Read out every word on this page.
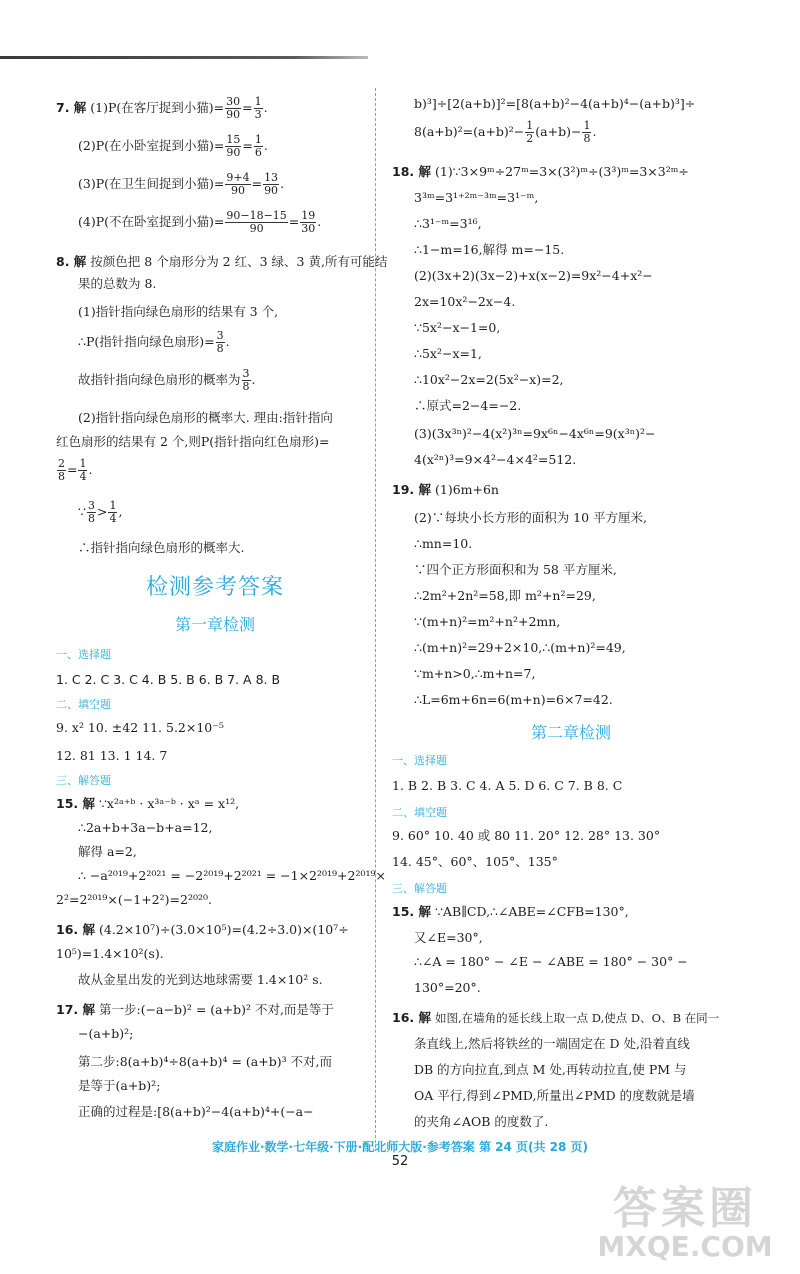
7. 解 (1)P(在客厅捉到小猫)= $\frac{30}{90} = \frac{1}{3}$ .
(2)P(在小卧室捉到小猫)= $\frac{15}{90} = \frac{1}{6}$ .
(3)P(在卫生间捉到小猫)= $\frac{9+4}{90} = \frac{13}{90}$ .
(4)P(不在卧室捉到小猫)= $\frac{90-18-15}{90} = \frac{19}{30}$ .
8. 解 按颜色把 8 个扇形分为 2 红、3 绿、3 黄,所有可能结
果的总数为 8.
(1)指针指向绿色扇形的结果有 3 个,
∴P(指针指向绿色扇形)= $\frac{3}{8}$ .
故指针指向绿色扇形的概率为 $\frac{3}{8}$ .
(2)指针指向绿色扇形的概率大. 理由:指针指向
红色扇形的结果有 2 个,则P(指针指向红色扇形)=
$\frac{2}{8} = \frac{1}{4}$ .
∵ $\frac{3}{8} > \frac{1}{4}$ ,
∴指针指向绿色扇形的概率大.
检测参考答案
第一章检测
一、选择题
1. C 2. C 3. C 4. B 5. B 6. B 7. A 8. B
二、填空题
9. x² 10. ±42 11. 5.2×10⁻⁵
12. 81 13. 1 14. 7
三、解答题
15. 解 ∵x²ᵃ⁺ᵇ · x³ᵃ⁻ᵇ · xᵃ = x¹²,
∴2a+b+3a−b+a=12,
解得 a=2,
∴ −a²⁰¹⁹+2²⁰²¹ = −2²⁰¹⁹+2²⁰²¹ = −1×2²⁰¹⁹+2²⁰¹⁹×
2²=2²⁰¹⁹×(−1+2²)=2²⁰²⁰.
16. 解 (4.2×10⁷)÷(3.0×10⁵)=(4.2÷3.0)×(10⁷÷
10⁵)=1.4×10²(s).
故从金星出发的光到达地球需要 1.4×10² s.
17. 解 第一步:(−a−b)² = (a+b)² 不对,而是等于
−(a+b)²;
第二步:8(a+b)⁴÷8(a+b)⁴ = (a+b)³ 不对,而
是等于(a+b)²;
正确的过程是:[8(a+b)²−4(a+b)⁴+(−a−
b)³]÷[2(a+b)]²=[8(a+b)²−4(a+b)⁴−(a+b)³]÷
$8(a+b)^2=(a+b)^2- \frac{1}{2} (a+b)- \frac{1}{8}$ .
18. 解 (1)∵3×9ᵐ÷27ᵐ=3×(3²)ᵐ÷(3³)ᵐ=3×3²ᵐ÷
3³ᵐ=3¹⁺²ᵐ⁻³ᵐ=3¹⁻ᵐ,
∴3¹⁻ᵐ=3¹⁶,
∴1−m=16,解得 m=−15.
(2)(3x+2)(3x−2)+x(x−2)=9x²−4+x²−
2x=10x²−2x−4.
∵5x²−x−1=0,
∴5x²−x=1,
∴10x²−2x=2(5x²−x)=2,
∴原式=2−4=−2.
(3)(3x³ⁿ)²−4(x²)³ⁿ=9x⁶ⁿ−4x⁶ⁿ=9(x³ⁿ)²−
4(x²ⁿ)³=9×4²−4×4²=512.
19. 解 (1)6m+6n
(2)∵每块小长方形的面积为 10 平方厘米,
∴mn=10.
∵四个正方形面积和为 58 平方厘米,
∴2m²+2n²=58,即 m²+n²=29,
∵(m+n)²=m²+n²+2mn,
∴(m+n)²=29+2×10,∴(m+n)²=49,
∵m+n>0,∴m+n=7,
∴L=6m+6n=6(m+n)=6×7=42.
第二章检测
一、选择题
1. B 2. B 3. C 4. A 5. D 6. C 7. B 8. C
二、填空题
9. 60° 10. 40 或 80 11. 20° 12. 28° 13. 30°
14. 45°、60°、105°、135°
三、解答题
15. 解 ∵AB∥CD,∴∠ABE=∠CFB=130°,
又∠E=30°,
∴∠A = 180° − ∠E − ∠ABE = 180° − 30° −
130°=20°.
16. 解 如图,在墙角的延长线上取一点 D,使点 D、O、B 在同一
条直线上,然后将铁丝的一端固定在 D 处,沿着直线
DB 的方向拉直,到点 M 处,再转动拉直,使 PM 与
OA 平行,得到∠PMD,所量出∠PMD 的度数就是墙
的夹角∠AOB 的度数了.
家庭作业·数学·七年级·下册·配北师大版·参考答案 第 24 页(共 28 页)
52
答案圈
MXQE.COM
